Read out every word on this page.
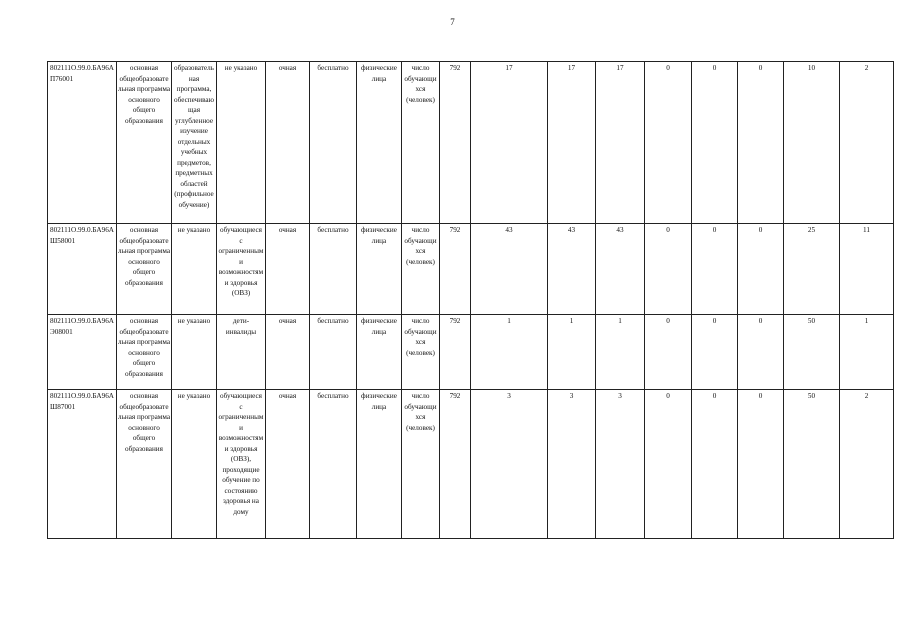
7
802111О.99.0.БА96АП76001	основная общеобразовательная программа основного общего образования	образовательная программа, обеспечивающая углубленное изучение отдельных учебных предметов, предметных областей (профильное обучение)	не указано	очная	бесплатно	физические лица	число обучающихся (человек)	792	17	17	17	0	0	0	10	2
802111О.99.0.БА96АШ58001	основная общеобразовательная программа основного общего образования	не указано	обучающиеся с ограниченными возможностями здоровья (ОВЗ)	очная	бесплатно	физические лица	число обучающихся (человек)	792	43	43	43	0	0	0	25	11
802111О.99.0.БА96АЭ08001	основная общеобразовательная программа основного общего образования	не указано	дети-инвалиды	очная	бесплатно	физические лица	число обучающихся (человек)	792	1	1	1	0	0	0	50	1
802111О.99.0.БА96АШ87001	основная общеобразовательная программа основного общего образования	не указано	обучающиеся с ограниченными возможностями здоровья (ОВЗ), проходящие обучение по состоянию здоровья на дому	очная	бесплатно	физические лица	число обучающихся (человек)	792	3	3	3	0	0	0	50	2
